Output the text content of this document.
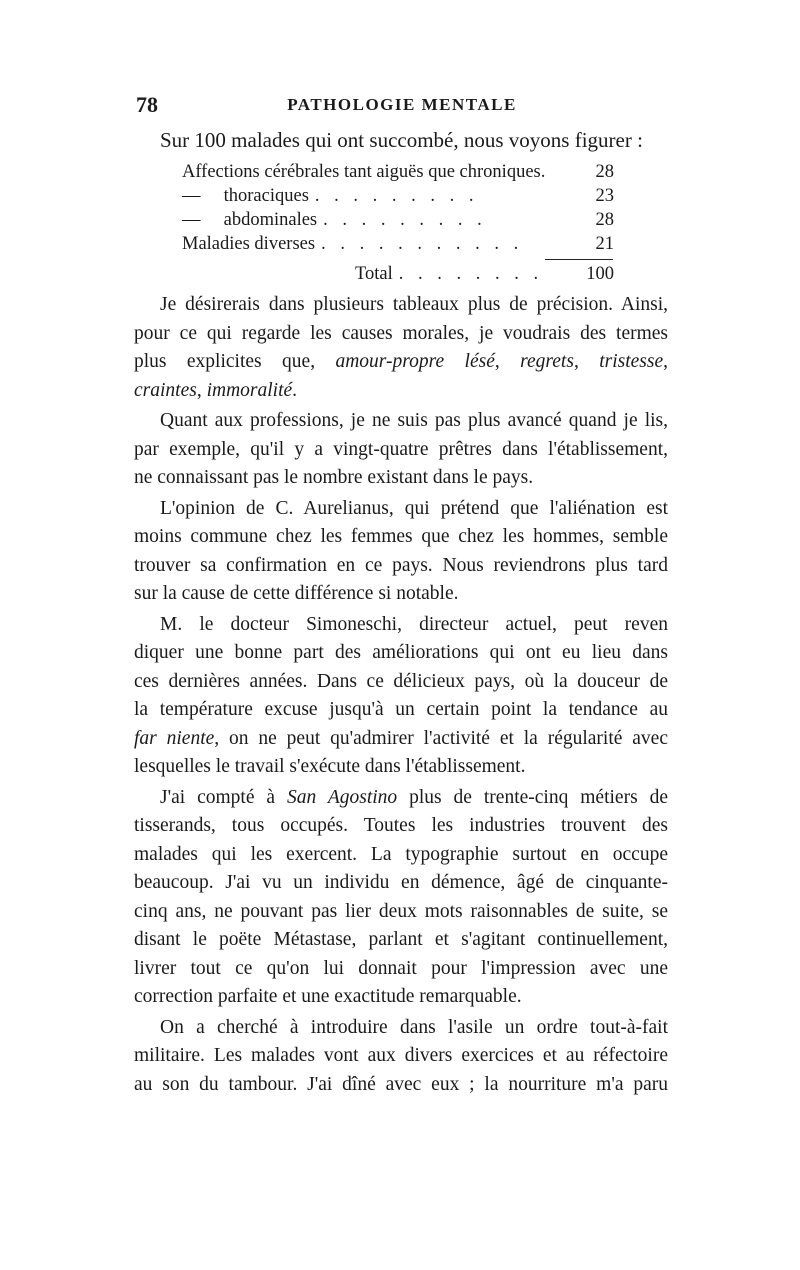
78	PATHOLOGIE MENTALE
Sur 100 malades qui ont succombé, nous voyons figurer :
Affections cérébrales tant aiguës que chroniques.	28
—     thoraciques . . . . . . . . .	23
—     abdominales . . . . . . . . .	28
Maladies diverses . . . . . . . . . . .	21
Total . . . . . . . .	100
Je désirerais dans plusieurs tableaux plus de précision. Ainsi,
pour ce qui regarde les causes morales, je voudrais des termes
plus explicites que, amour-propre lésé, regrets, tristesse,
craintes, immoralité.
Quant aux professions, je ne suis pas plus avancé quand je lis,
par exemple, qu'il y a vingt-quatre prêtres dans l'établissement,
ne connaissant pas le nombre existant dans le pays.
L'opinion de C. Aurelianus, qui prétend que l'aliénation est
moins commune chez les femmes que chez les hommes, semble
trouver sa confirmation en ce pays. Nous reviendrons plus tard
sur la cause de cette différence si notable.
M. le docteur Simoneschi, directeur actuel, peut reven
diquer une bonne part des améliorations qui ont eu lieu dans
ces dernières années. Dans ce délicieux pays, où la douceur de
la température excuse jusqu'à un certain point la tendance au
far niente, on ne peut qu'admirer l'activité et la régularité avec
lesquelles le travail s'exécute dans l'établissement.
J'ai compté à San Agostino plus de trente-cinq métiers de
tisserands, tous occupés. Toutes les industries trouvent des
malades qui les exercent. La typographie surtout en occupe
beaucoup. J'ai vu un individu en démence, âgé de cinquante-
cinq ans, ne pouvant pas lier deux mots raisonnables de suite, se
disant le poëte Métastase, parlant et s'agitant continuellement,
livrer tout ce qu'on lui donnait pour l'impression avec une
correction parfaite et une exactitude remarquable.
On a cherché à introduire dans l'asile un ordre tout-à-fait
militaire. Les malades vont aux divers exercices et au réfectoire
au son du tambour. J'ai dîné avec eux ; la nourriture m'a paru
